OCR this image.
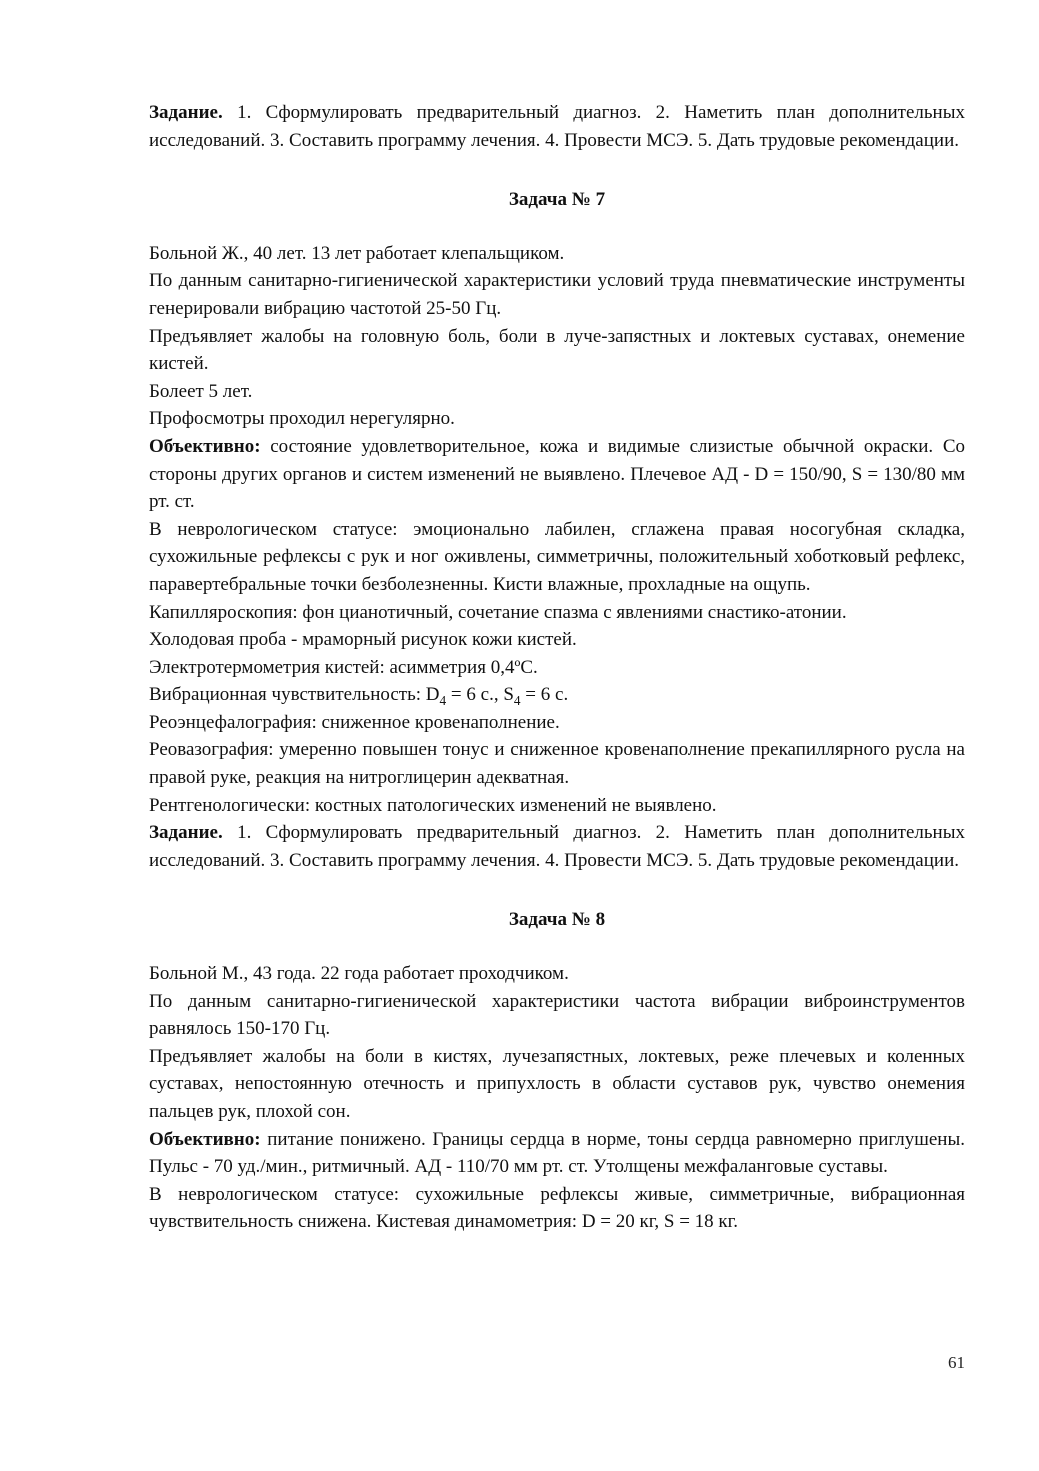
Задание. 1. Сформулировать предварительный диагноз. 2. Наметить план дополнительных исследований. 3. Составить программу лечения. 4. Провести МСЭ. 5. Дать трудовые рекомендации.

Задача № 7

Больной Ж., 40 лет. 13 лет работает клепальщиком.

По данным санитарно-гигиенической характеристики условий труда пневматические инструменты генерировали вибрацию частотой 25-50 Гц.

Предъявляет жалобы на головную боль, боли в луче-запястных и локтевых суставах, онемение кистей.

Болеет 5 лет.

Профосмотры проходил нерегулярно.

Объективно: состояние удовлетворительное, кожа и видимые слизистые обычной окраски. Со стороны других органов и систем изменений не выявлено. Плечевое АД - D = 150/90, S = 130/80 мм рт. ст.

В неврологическом статусе: эмоционально лабилен, сглажена правая носогубная складка, сухожильные рефлексы с рук и ног оживлены, симметричны, положительный хоботковый рефлекс, паравертебральные точки безболезненны. Кисти влажные, прохладные на ощупь.

Капилляроскопия: фон цианотичный, сочетание спазма с явлениями снастико-атонии.

Холодовая проба - мраморный рисунок кожи кистей.

Электротермометрия кистей: асимметрия 0,4ºС.

Вибрационная чувствительность: $D_4 = 6$ с., $S_4 = 6$ с.

Реоэнцефалография: сниженное кровенаполнение.

Реовазография: умеренно повышен тонус и сниженное кровенаполнение прекапиллярного русла на правой руке, реакция на нитроглицерин адекватная.

Рентгенологически: костных патологических изменений не выявлено.

Задание. 1. Сформулировать предварительный диагноз. 2. Наметить план дополнительных исследований. 3. Составить программу лечения. 4. Провести МСЭ. 5. Дать трудовые рекомендации.

Задача № 8

Больной М., 43 года. 22 года работает проходчиком.

По данным санитарно-гигиенической характеристики частота вибрации виброинструментов равнялось 150-170 Гц.

Предъявляет жалобы на боли в кистях, лучезапястных, локтевых, реже плечевых и коленных суставах, непостоянную отечность и припухлость в области суставов рук, чувство онемения пальцев рук, плохой сон.

Объективно: питание понижено. Границы сердца в норме, тоны сердца равномерно приглушены. Пульс - 70 уд./мин., ритмичный. АД - 110/70 мм рт. ст. Утолщены межфаланговые суставы.

В неврологическом статусе: сухожильные рефлексы живые, симметричные, вибрационная чувствительность снижена. Кистевая динамометрия: D = 20 кг, S = 18 кг.

61
